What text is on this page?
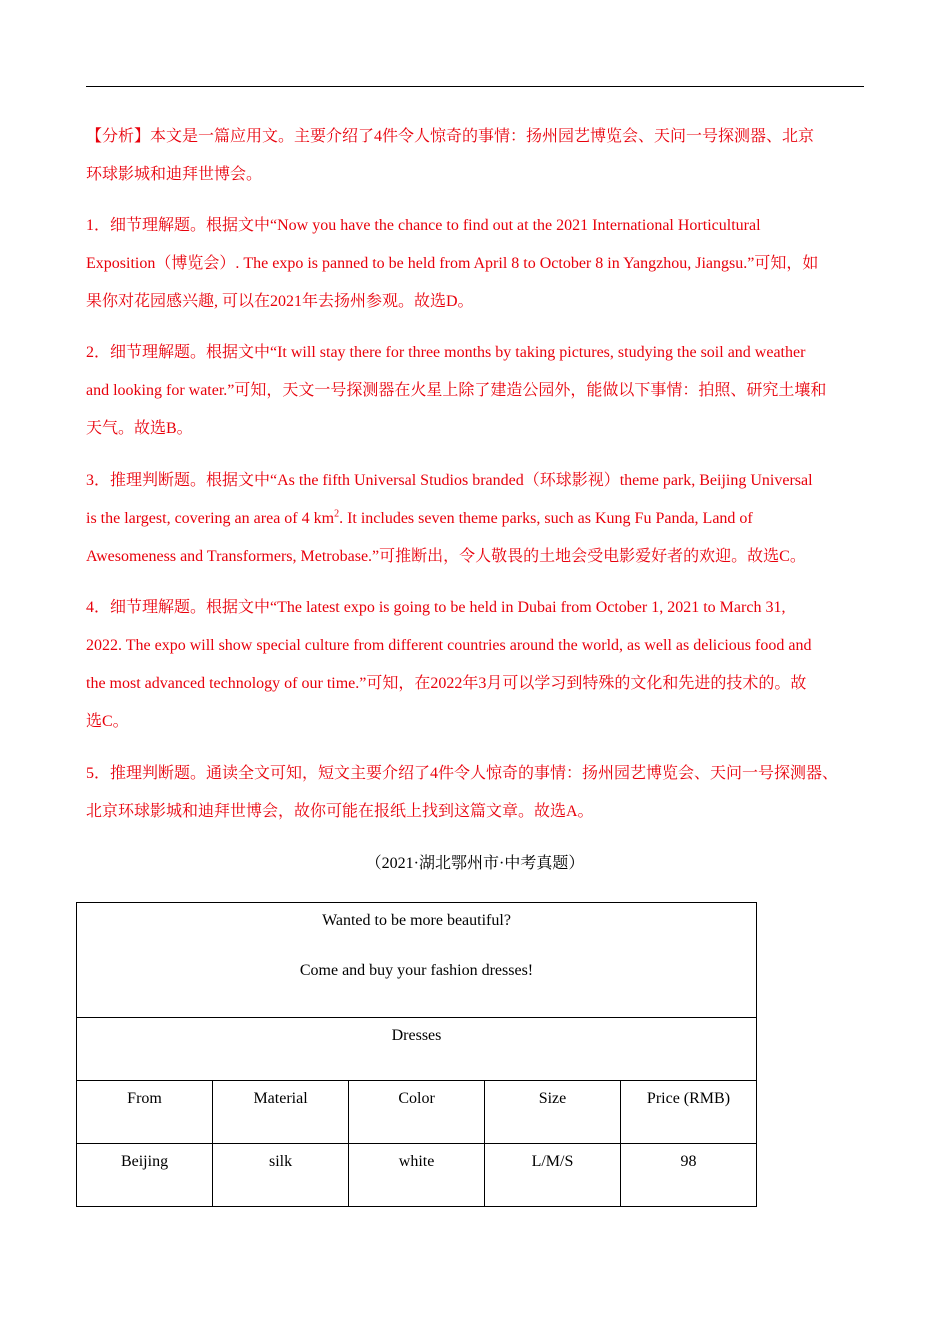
【分析】本文是一篇应用文。主要介绍了4件令人惊奇的事情：扬州园艺博览会、天问一号探测器、北京
环球影城和迪拜世博会。

1．细节理解题。根据文中“Now you have the chance to find out at the 2021 International Horticultural
Exposition（博览会）. The expo is panned to be held from April 8 to October 8 in Yangzhou, Jiangsu.”可知，如
果你对花园感兴趣, 可以在2021年去扬州参观。故选D。

2．细节理解题。根据文中“It will stay there for three months by taking pictures, studying the soil and weather
and looking for water.”可知，天文一号探测器在火星上除了建造公园外，能做以下事情：拍照、研究土壤和
天气。故选B。

3．推理判断题。根据文中“As the fifth Universal Studios branded（环球影视）theme park, Beijing Universal
is the largest, covering an area of 4 $km^2$. It includes seven theme parks, such as Kung Fu Panda, Land of
Awesomeness and Transformers, Metrobase.”可推断出，令人敬畏的土地会受电影爱好者的欢迎。故选C。

4．细节理解题。根据文中“The latest expo is going to be held in Dubai from October 1, 2021 to March 31,
2022. The expo will show special culture from different countries around the world, as well as delicious food and
the most advanced technology of our time.”可知，在2022年3月可以学习到特殊的文化和先进的技术的。故
选C。

5．推理判断题。通读全文可知，短文主要介绍了4件令人惊奇的事情：扬州园艺博览会、天问一号探测器、
北京环球影城和迪拜世博会，故你可能在报纸上找到这篇文章。故选A。

（2021·湖北鄂州市·中考真题）
Wanted to be more beautiful?
Come and buy your fashion dresses!				

Dresses				

From	Material	Color	Size	Price (RMB)

Beijing	silk	white	L/M/S	98
